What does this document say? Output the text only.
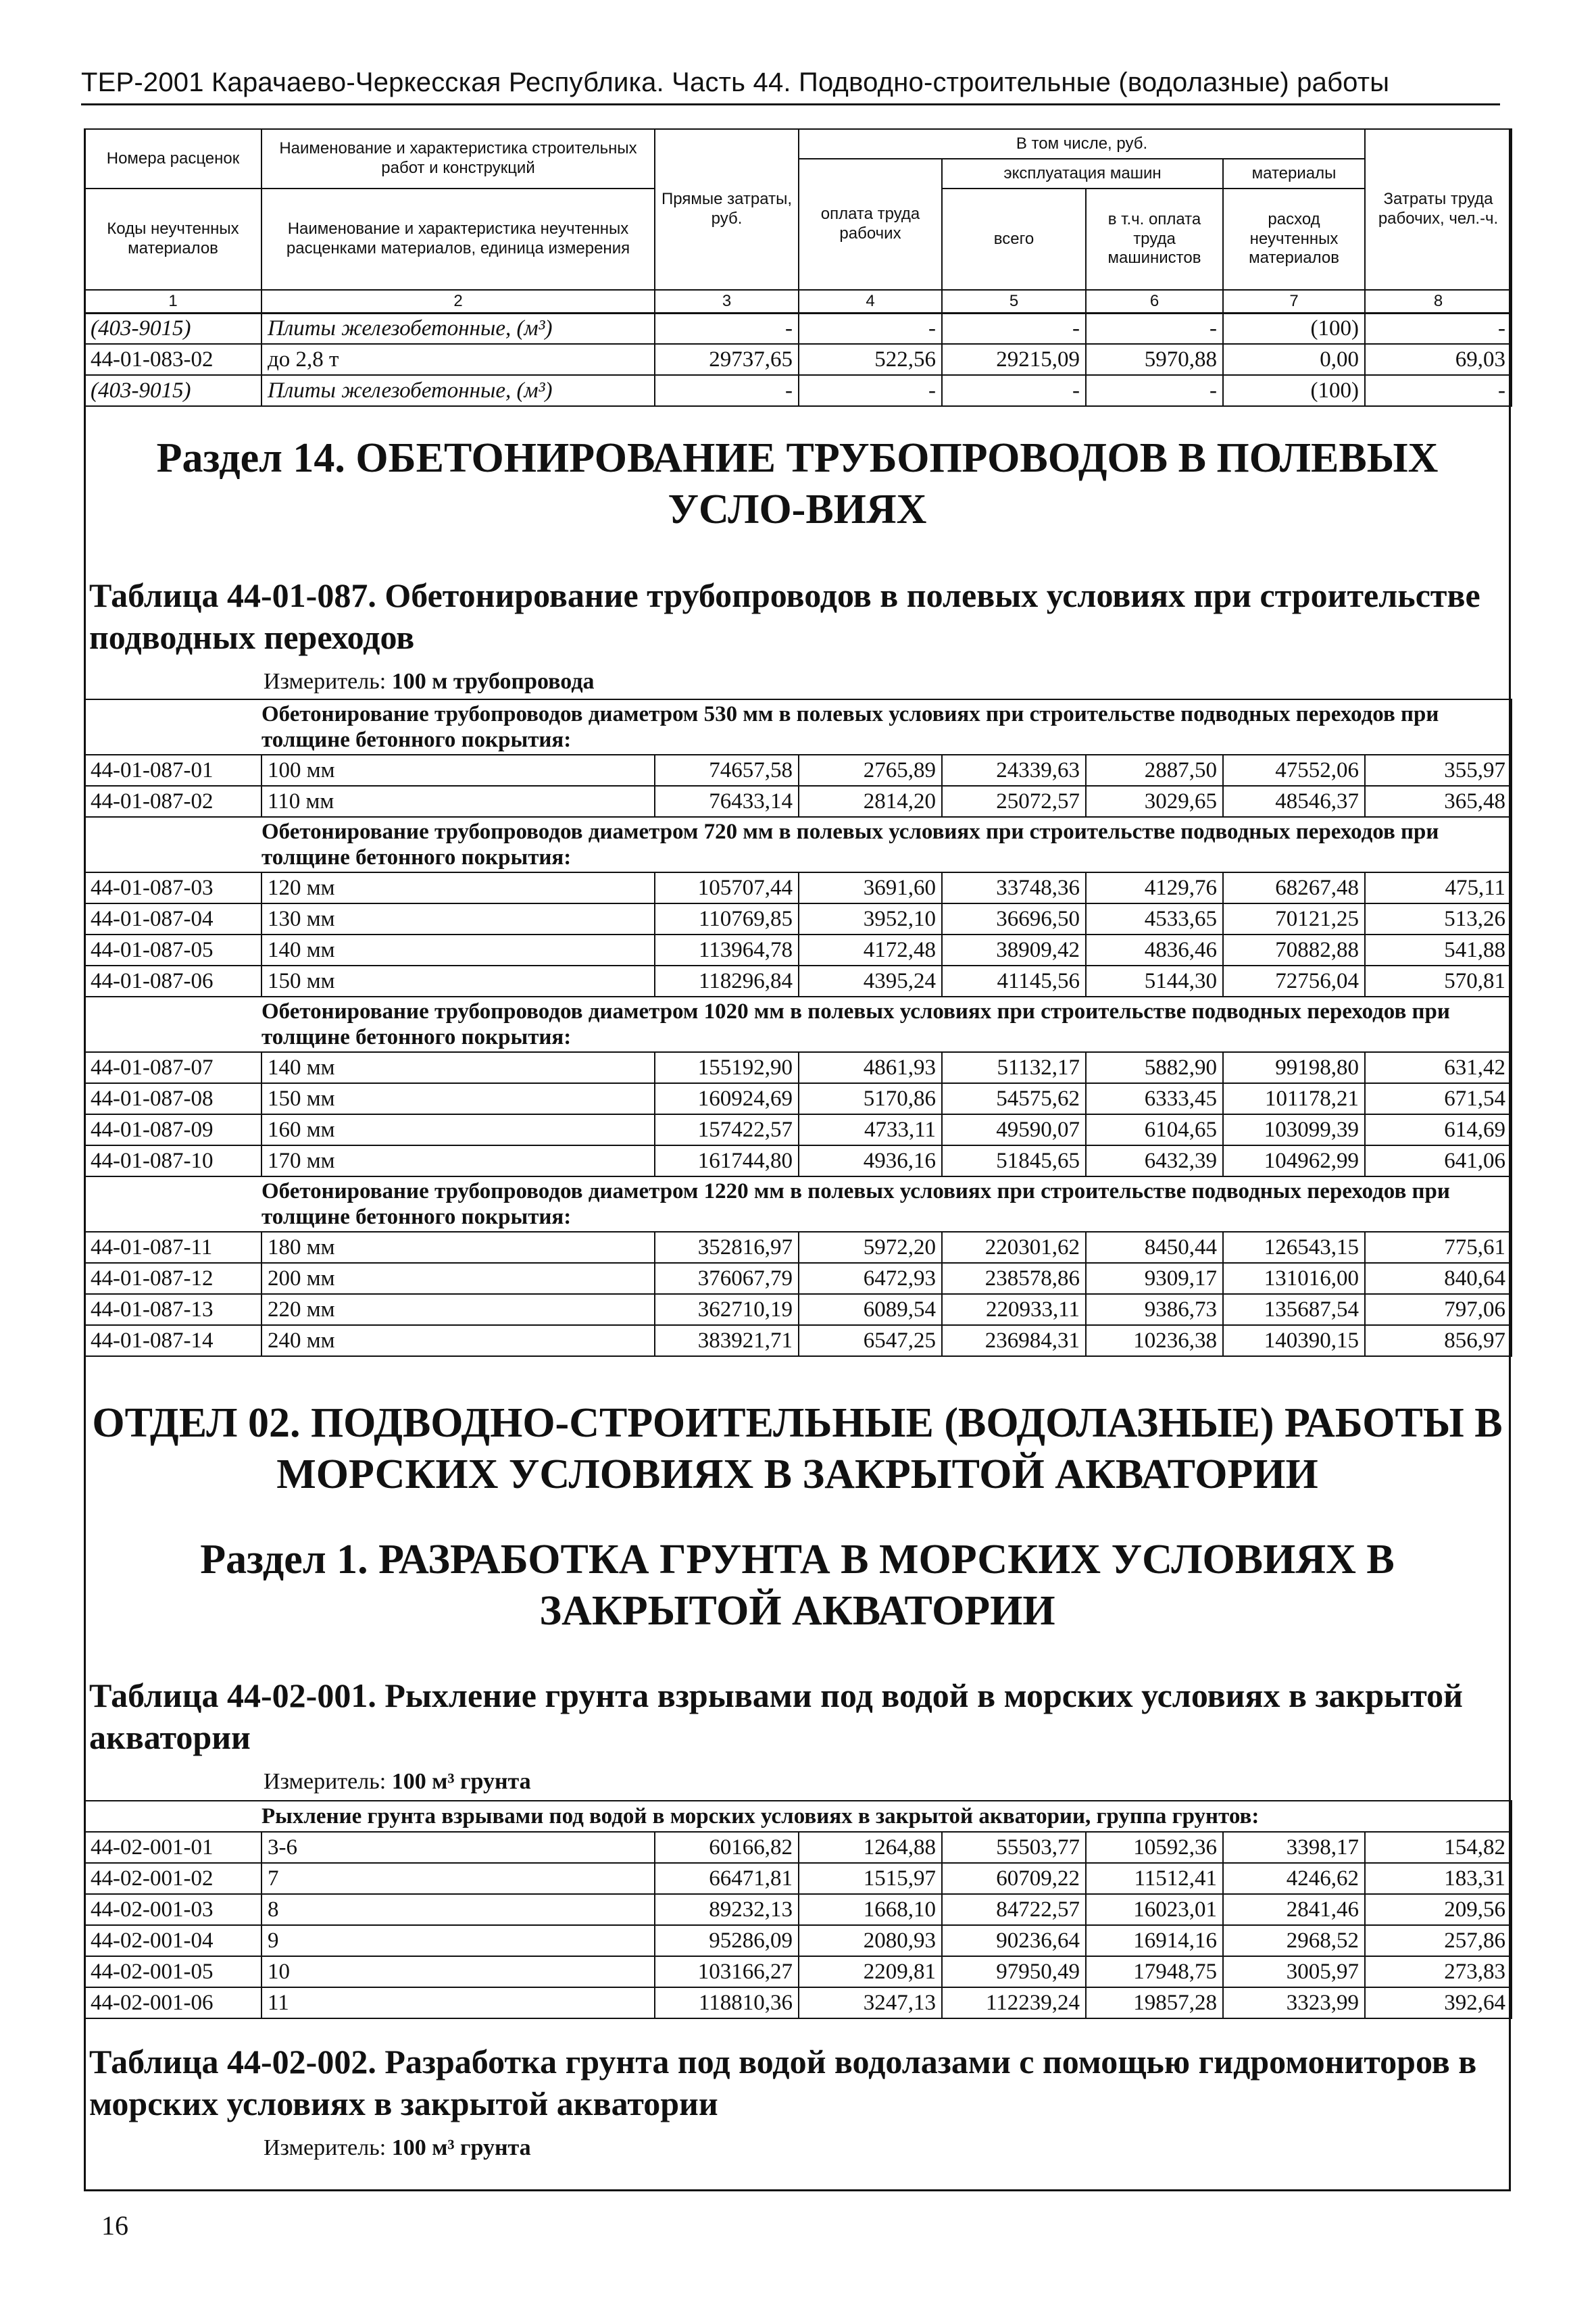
ТЕР-2001 Карачаево-Черкесская Республика. Часть 44. Подводно-строительные (водолазные) работы
Номера расценок	Наименование и характеристика строительных работ и конструкций	Прямые затраты, руб.	В том числе, руб.				Затраты труда рабочих, чел.-ч.
			оплата труда рабочих	эксплуатация машин		материалы	
Коды неучтенных материалов	Наименование и характеристика неучтенных расценками материалов, единица измерения			всего	в т.ч. оплата труда машинистов	расход неучтенных материалов	

1	2	3	4	5	6	7	8
(403-9015)	Плиты железобетонные, (м³)	-	-	-	-	(100)	-
44-01-083-02	до 2,8 т	29737,65	522,56	29215,09	5970,88	0,00	69,03
(403-9015)	Плиты железобетонные, (м³)	-	-	-	-	(100)	-
Раздел 14. ОБЕТОНИРОВАНИЕ ТРУБОПРОВОДОВ В ПОЛЕВЫХ УСЛО-ВИЯХ
Таблица 44-01-087. Обетонирование трубопроводов в полевых условиях при строительстве подводных переходов
Измеритель: 100 м трубопровода
	Обетонирование трубопроводов диаметром 530 мм в полевых условиях при строительстве подводных переходов при толщине бетонного покрытия:						
44-01-087-01	100 мм	74657,58	2765,89	24339,63	2887,50	47552,06	355,97
44-01-087-02	110 мм	76433,14	2814,20	25072,57	3029,65	48546,37	365,48
	Обетонирование трубопроводов диаметром 720 мм в полевых условиях при строительстве подводных переходов при толщине бетонного покрытия:						
44-01-087-03	120 мм	105707,44	3691,60	33748,36	4129,76	68267,48	475,11
44-01-087-04	130 мм	110769,85	3952,10	36696,50	4533,65	70121,25	513,26
44-01-087-05	140 мм	113964,78	4172,48	38909,42	4836,46	70882,88	541,88
44-01-087-06	150 мм	118296,84	4395,24	41145,56	5144,30	72756,04	570,81
	Обетонирование трубопроводов диаметром 1020 мм в полевых условиях при строительстве подводных переходов при толщине бетонного покрытия:						
44-01-087-07	140 мм	155192,90	4861,93	51132,17	5882,90	99198,80	631,42
44-01-087-08	150 мм	160924,69	5170,86	54575,62	6333,45	101178,21	671,54
44-01-087-09	160 мм	157422,57	4733,11	49590,07	6104,65	103099,39	614,69
44-01-087-10	170 мм	161744,80	4936,16	51845,65	6432,39	104962,99	641,06
	Обетонирование трубопроводов диаметром 1220 мм в полевых условиях при строительстве подводных переходов при толщине бетонного покрытия:						
44-01-087-11	180 мм	352816,97	5972,20	220301,62	8450,44	126543,15	775,61
44-01-087-12	200 мм	376067,79	6472,93	238578,86	9309,17	131016,00	840,64
44-01-087-13	220 мм	362710,19	6089,54	220933,11	9386,73	135687,54	797,06
44-01-087-14	240 мм	383921,71	6547,25	236984,31	10236,38	140390,15	856,97
ОТДЕЛ 02. ПОДВОДНО-СТРОИТЕЛЬНЫЕ (ВОДОЛАЗНЫЕ) РАБОТЫ В МОРСКИХ УСЛОВИЯХ В ЗАКРЫТОЙ АКВАТОРИИ
Раздел 1. РАЗРАБОТКА ГРУНТА В МОРСКИХ УСЛОВИЯХ В ЗАКРЫТОЙ АКВАТОРИИ
Таблица 44-02-001. Рыхление грунта взрывами под водой в морских условиях в закрытой акватории
Измеритель: 100 м³ грунта
	Рыхление грунта взрывами под водой в морских условиях в закрытой акватории, группа грунтов:						
44-02-001-01	3-6	60166,82	1264,88	55503,77	10592,36	3398,17	154,82
44-02-001-02	7	66471,81	1515,97	60709,22	11512,41	4246,62	183,31
44-02-001-03	8	89232,13	1668,10	84722,57	16023,01	2841,46	209,56
44-02-001-04	9	95286,09	2080,93	90236,64	16914,16	2968,52	257,86
44-02-001-05	10	103166,27	2209,81	97950,49	17948,75	3005,97	273,83
44-02-001-06	11	118810,36	3247,13	112239,24	19857,28	3323,99	392,64
Таблица 44-02-002. Разработка грунта под водой водолазами с помощью гидромониторов в морских условиях в закрытой акватории
Измеритель: 100 м³ грунта
16
